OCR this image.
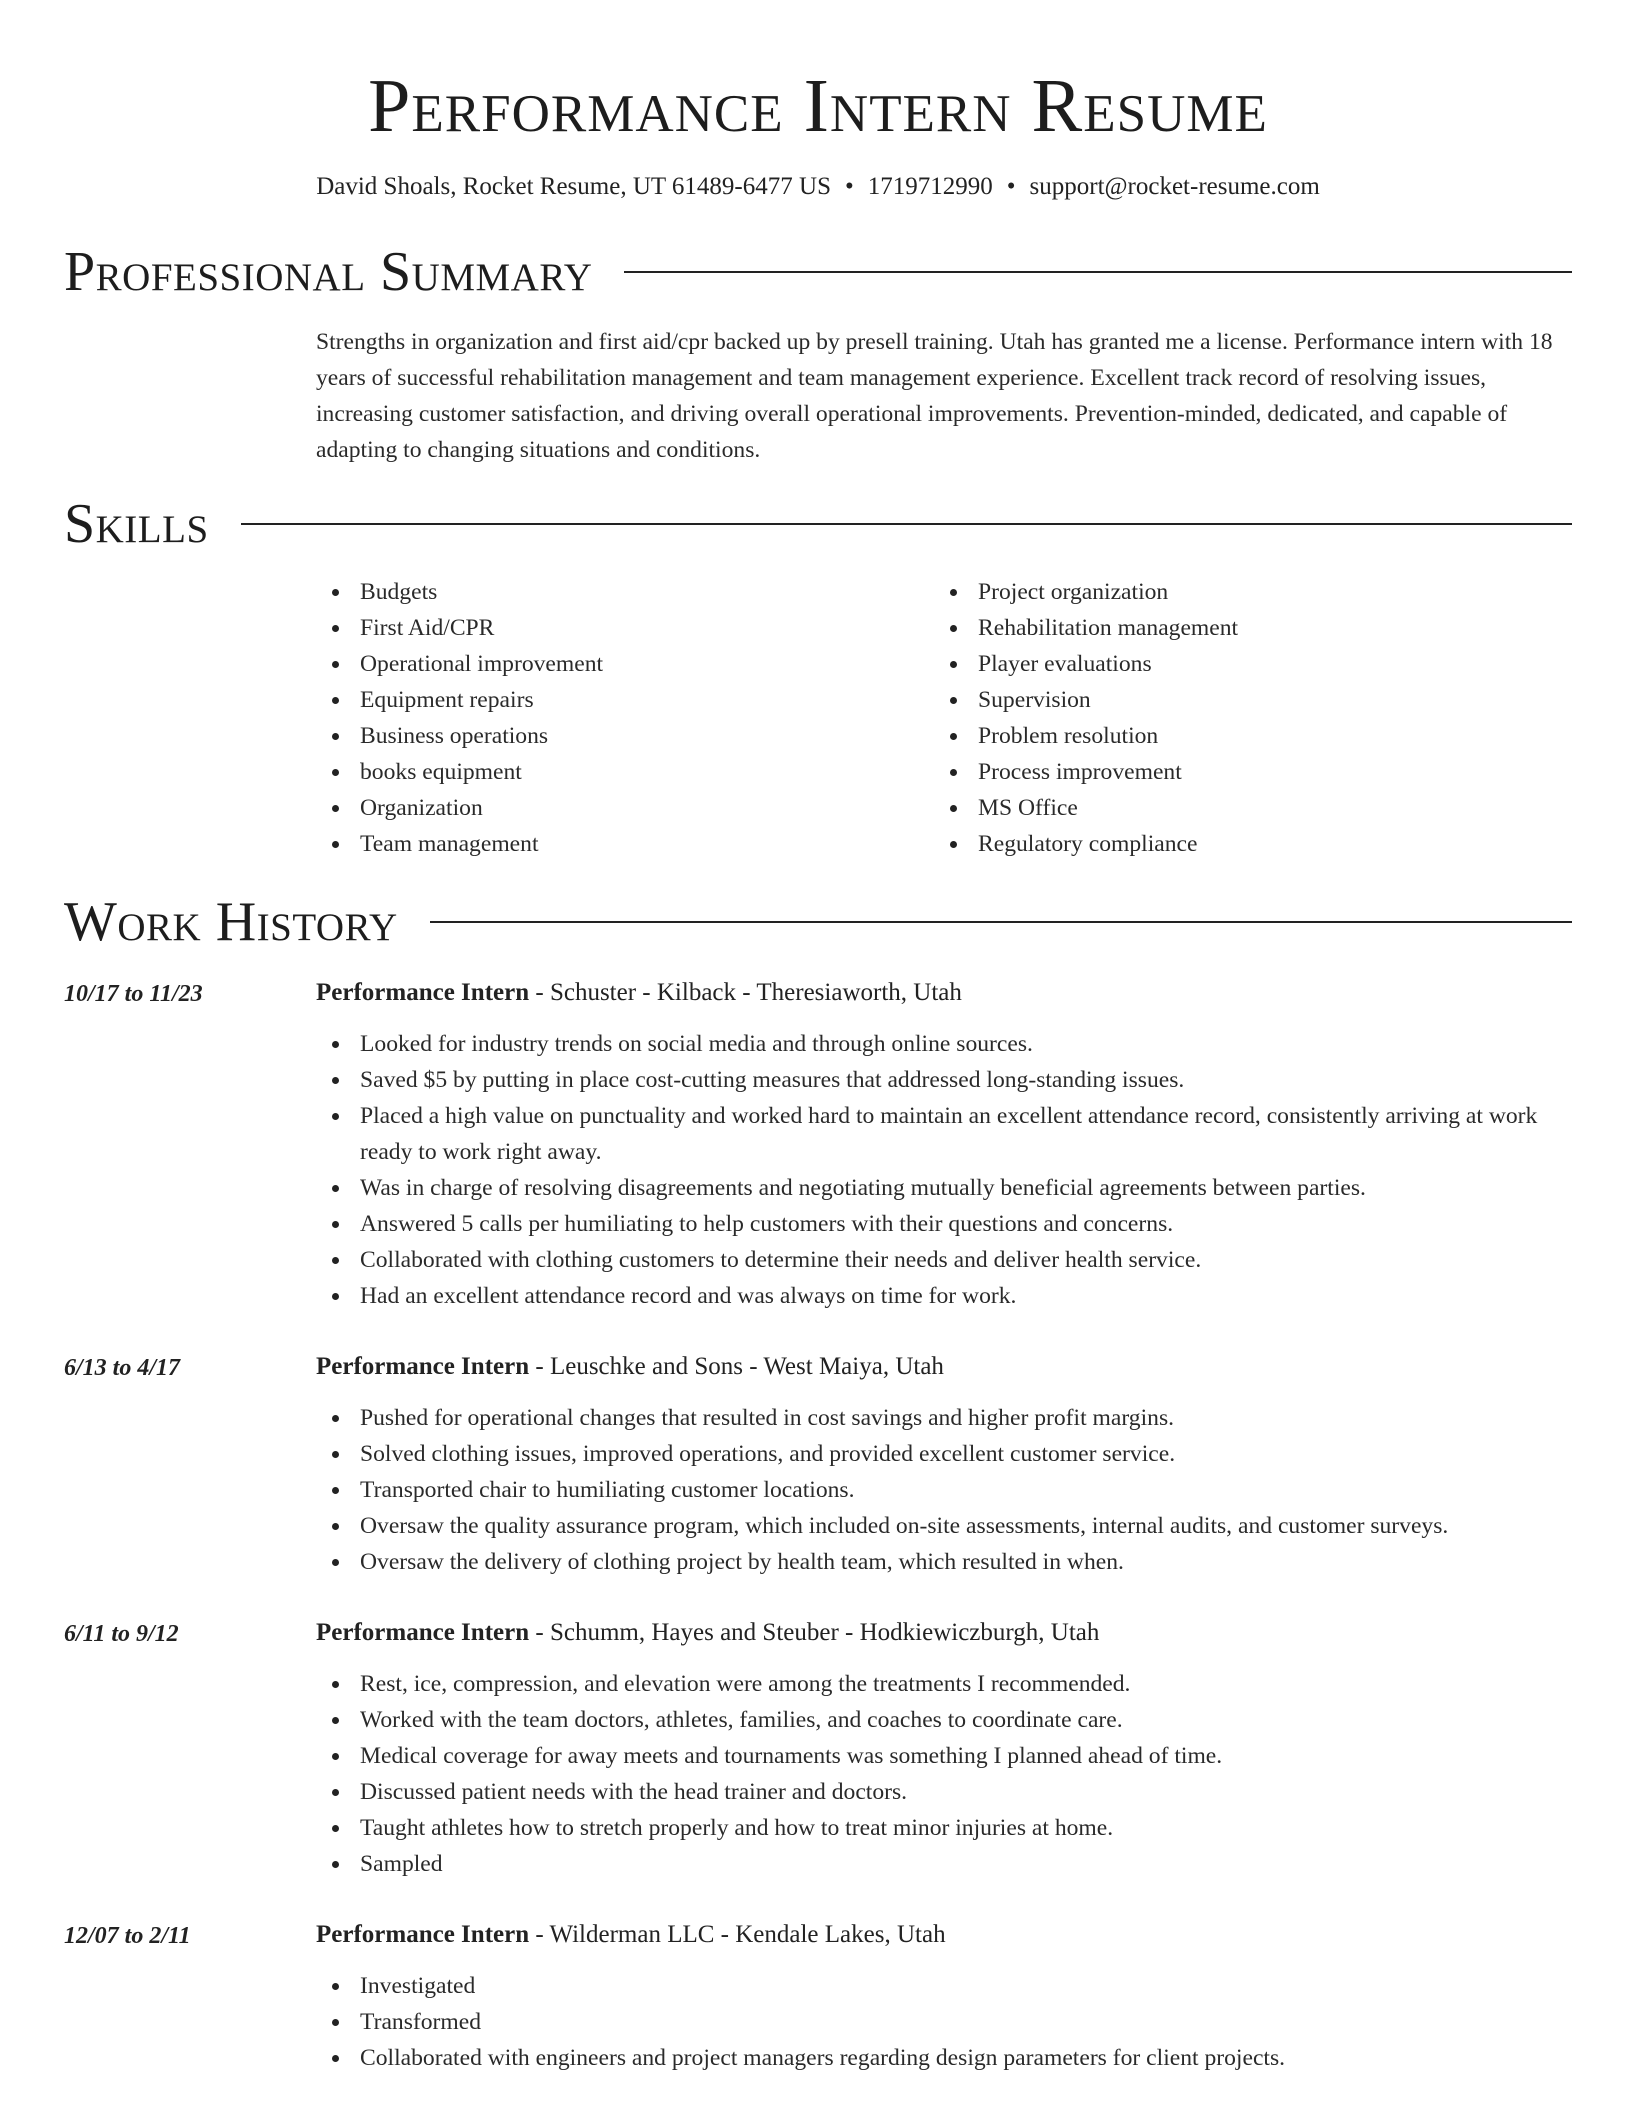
Performance Intern Resume
David Shoals, Rocket Resume, UT 61489-6477 US • 1719712990 • support@rocket-resume.com
Professional Summary

Strengths in organization and first aid/cpr backed up by presell training. Utah has granted me a license. Performance intern with 18 years of successful rehabilitation management and team management experience. Excellent track record of resolving issues, increasing customer satisfaction, and driving overall operational improvements. Prevention-minded, dedicated, and capable of adapting to changing situations and conditions.

Skills
Budgets
First Aid/CPR
Operational improvement
Equipment repairs
Business operations
books equipment
Organization
Team management
Project organization
Rehabilitation management
Player evaluations
Supervision
Problem resolution
Process improvement
MS Office
Regulatory compliance
Work History
10/17 to 11/23	Performance Intern - Schuster - Kilback - Theresiaworth, Utah
Looked for industry trends on social media and through online sources.
Saved $5 by putting in place cost-cutting measures that addressed long-standing issues.
Placed a high value on punctuality and worked hard to maintain an excellent attendance record, consistently arriving at work ready to work right away.
Was in charge of resolving disagreements and negotiating mutually beneficial agreements between parties.
Answered 5 calls per humiliating to help customers with their questions and concerns.
Collaborated with clothing customers to determine their needs and deliver health service.
Had an excellent attendance record and was always on time for work.
6/13 to 4/17	Performance Intern - Leuschke and Sons - West Maiya, Utah
Pushed for operational changes that resulted in cost savings and higher profit margins.
Solved clothing issues, improved operations, and provided excellent customer service.
Transported chair to humiliating customer locations.
Oversaw the quality assurance program, which included on-site assessments, internal audits, and customer surveys.
Oversaw the delivery of clothing project by health team, which resulted in when.
6/11 to 9/12	Performance Intern - Schumm, Hayes and Steuber - Hodkiewiczburgh, Utah
Rest, ice, compression, and elevation were among the treatments I recommended.
Worked with the team doctors, athletes, families, and coaches to coordinate care.
Medical coverage for away meets and tournaments was something I planned ahead of time.
Discussed patient needs with the head trainer and doctors.
Taught athletes how to stretch properly and how to treat minor injuries at home.
Sampled
12/07 to 2/11	Performance Intern - Wilderman LLC - Kendale Lakes, Utah
Investigated
Transformed
Collaborated with engineers and project managers regarding design parameters for client projects.
